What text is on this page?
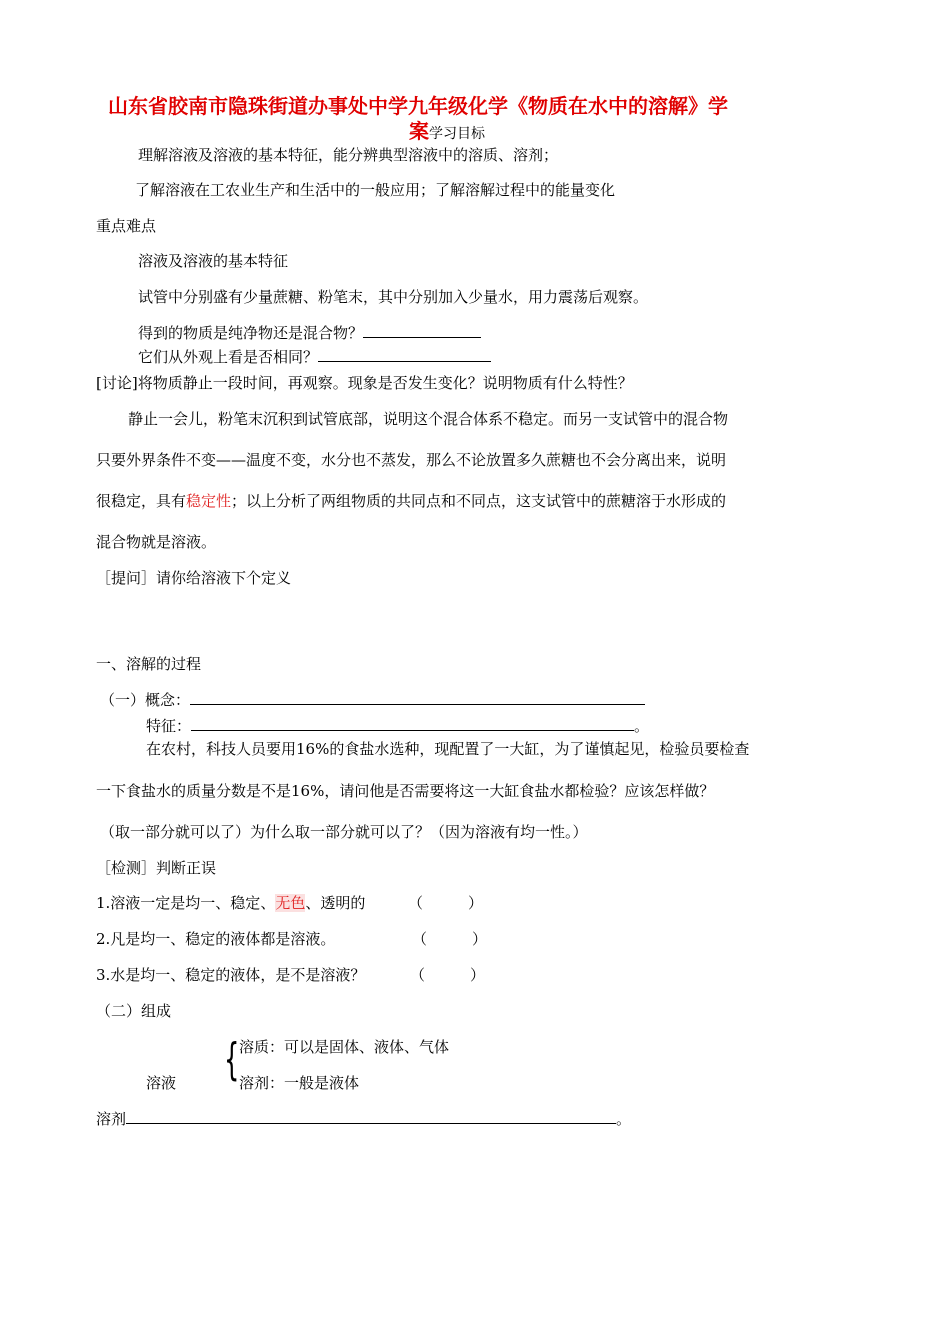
山东省胶南市隐珠街道办事处中学九年级化学《物质在水中的溶解》学
案学习目标
理解溶液及溶液的基本特征，能分辨典型溶液中的溶质、溶剂；
了解溶液在工农业生产和生活中的一般应用；了解溶解过程中的能量变化
重点难点
溶液及溶液的基本特征
试管中分别盛有少量蔗糖、粉笔末，其中分别加入少量水，用力震荡后观察。
得到的物质是纯净物还是混合物？
它们从外观上看是否相同？
[讨论]将物质静止一段时间，再观察。现象是否发生变化？说明物质有什么特性？
静止一会儿，粉笔末沉积到试管底部，说明这个混合体系不稳定。而另一支试管中的混合物
只要外界条件不变——温度不变，水分也不蒸发，那么不论放置多久蔗糖也不会分离出来，说明
很稳定，具有稳定性；以上分析了两组物质的共同点和不同点，这支试管中的蔗糖溶于水形成的
混合物就是溶液。
［提问］请你给溶液下个定义
一、溶解的过程
（一）概念：
特征：	。
在农村，科技人员要用16%的食盐水选种，现配置了一大缸，为了谨慎起见，检验员要检查
一下食盐水的质量分数是不是16%，请问他是否需要将这一大缸食盐水都检验？应该怎样做？
（取一部分就可以了）为什么取一部分就可以了？（因为溶液有均一性。）
［检测］判断正误
1.溶液一定是均一、稳定、无色、透明的	（　　　）
2.凡是均一、稳定的液体都是溶液。	（　　　）
3.水是均一、稳定的液体，是不是溶液？	（　　　）
（二）组成
{ 溶质：可以是固体、液体、气体
溶液	溶剂：一般是液体
溶剂	。
